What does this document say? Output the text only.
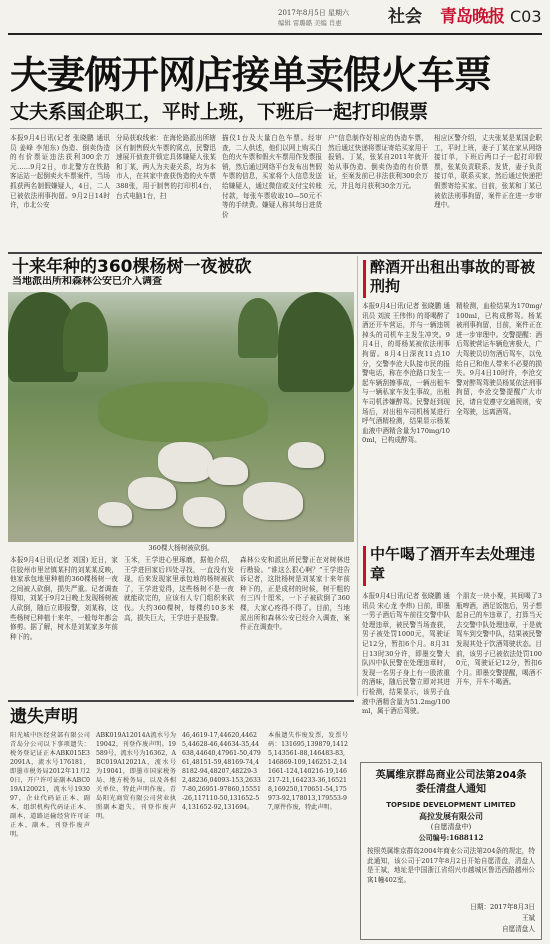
2017年8月5日 星期六
编辑 雷璐璐 美编 肖惠	社会 青岛晚报 C03
夫妻俩开网店接单卖假火车票
丈夫系国企职工，平时上班，下班后一起打印假票
本报9月4日讯(记者 张晓鹏 通讯员 姜峰 李旭东) 伪造、倒卖伪造的有价票证违法获利300余万元……9月2日，市北警方在铁路客运站一起倒卖火车票案件，当场抓获两名制假嫌疑人，4日，二人已被依法刑事拘留。9月2日14时许，市北公安
分局获取线索：在海伦路派出所辖区有制售假火车票的窝点，民警迅速展开侦查并锁定具体嫌疑人张某和丁某，两人为夫妻关系，均为本市人，在其家中查获伪造的火车票388张，用于制售的打印机4台，台式电脑1台，扫
描仪1台及大量白色车票。经审查，二人供述，他们以网上购买白色的火车票和假火车票用作发票报销，然后通过网络平台发布出售假车票的信息，买家将个人信息发送给嫌疑人，通过微信或支付宝转账付款，每张车票收取10—50元不等的手续费。嫌疑人称其每日进货价
户"信息制作好相应的伪造车票，然后通过快递将票证寄给买家用于报销。丁某，张某自2011年就开始从事伪造、倒卖伪造的有价票证，至案发前已非法获利300余万元，并且每月获利30余万元。
相应区警介绍，丈夫张某是某国企职工，平时上班，妻子丁某在家从网络接订单，下班后两口子一起打印假票，张某负责联系、发货，妻子负责接订单，联系买家，然后通过快递把假票寄给买家。目前，张某和丁某已被依法刑事拘留，案件正在进一步审理中。
十来年种的360棵杨树一夜被砍
当地派出所和森林公安已介入调查
360棵大杨树被砍倒。
本报9月4日讯(记者 刘国) 近日，家住胶州市里岔镇某村的刘某某反映，他家承包地里种植的360棵杨树一夜之间被人砍倒，损失严重。记者调查得知，刘某于9月2日晚上发现杨树被人砍倒，随后立即报警，刘某称，这些杨树已种植十来年，一般每年都会修剪。据了解，树木是刘某家多年前种下的。
玉米，王学进心里琢磨，据他介绍，王学进回家后四处寻找，一直没有发现，后来发现家里承包地的杨树被砍了，王学进觉得，这些杨树不是一夜就能砍完的，应该有人专门组织来砍伐。大约360棵树，每棵约10多米高，损失巨大，王学进于是报警。
森林公安和派出所民警正在对树林进行勘验。“谁这么狠心啊？”王学进告诉记者，这批杨树是刘某家十来年前种下的，正是成材的时候，树干粗的有三四十厘米，一下子被砍倒了360棵，大家心疼得不得了。目前，当地派出所和森林公安已经介入调查，案件正在调查中。
醉酒开出租出事故的哥被刑拘
本报9月4日讯(记者 张晓鹏 通讯员 刘波 王伟伟) 的哥喝醉了酒还开车营运，并与一辆违规掉头的司机车主发生冲突。9月4日，的哥杨某被依法刑事拘留。8月4日深夜11点10分，交警李沧大队接市民的报警电话，称在李沧路口发生一起车辆刮擦事故，一辆出租车与一辆私家车发生事故，出租车司机涉嫌醉驾。民警赶到现场后，对出租车司机杨某进行呼气酒精检测，结果显示杨某血液中酒精含量为170mg/100ml，已构成醉驾。
精检测，血检结果为170mg/100ml，已构成醉驾。杨某被刑事拘留，目前，案件正在进一步审理中。交警提醒：酒后驾驶营运车辆危害极大，广大驾驶员切勿酒后驾车，以免给自己和他人带来不必要的损失。9月4日10时许，李沧交警对醉驾驾驶员杨某依法刑事拘留，李沧交警提醒广大市民，请自觉遵守交通规则，安全驾驶，远离酒驾。
中午喝了酒开车去处理违章
本报9月4日讯(记者 张晓鹏 通讯员 宋心龙 李炜) 日前，即墨一男子酒后驾车前往交警中队处理违章，被民警当场查获，男子被处罚1000元，驾驶证记12分，暂扣6个月。8月31日13时30分许，即墨交警大队四中队民警在处理违章时，发现一名男子身上有一股浓重的酒味，随后民警立即对其进行检测，结果显示，该男子血液中酒精含量为51.2mg/100ml，属于酒后驾驶。
个朋友一块小聚，其间喝了3瓶啤酒，酒足饭饱后，男子想起自己的车违章了，打算当天去交警中队处理违章，于是就驾车到交警中队，结果被民警发现其处于饮酒驾驶状态。目前，该男子已被依法处罚1000元，驾驶证记12分，暂扣6个月。即墨交警提醒，喝酒不开车，开车不喝酒。
遗失声明
阳光城中医经营部有限公司青岛分公司以下事项遗失：税务登记证正本ABK015E32091A，流水号176181，即墨市税务局2012年11月20日，开户许可证副本ABC019A120021，流水号193097，企业代码证正本、副本，组织机构代码证正本、副本，道路运输经营许可证正本、副本，刊登作废声明。
ABK019A12014A流水号为19042，刊登作废声明。19589号，流水号为16362，ABC019A12021A，流水号为19041，即墨市国家税务局、地方税务局，以及各相关单位，特此声明作废。青岛阳光商贸有限公司营业执照副本遗失，刊登作废声明。
46,4619-17,44620,44625,44628-46,44634-35,44638,44640,47961-50,47961,48151-59,48169-74,48182-94,48207,48229-32,48236,04093-153,26337-80,26951-97860,15551-26,117110-50,131652-54,131652-92,131694。
本报遗失作废发票，发票号码：131695,139879,14125,143561-88,146483-83,146869-109,146251-2,141661-124,140216-19,146217-21,164233-36,165218,169250,170651-54,175973-92,178013,179553-97,原件作废，特此声明。
英属维京群岛商业公司法第204条
委任清盘人通知
TOPSIDE DEVELOPMENT LIMITED
高拉发展有限公司
(自愿清盘中)
公司编号:1688112
按照英属维京群岛2004年商业公司法第204条的规定，特此通知，该公司于2017年8月2日开始自愿清盘，清盘人是王斌，地址是中国浙江省绍兴市越城区鲁迅西路越州公寓1幢402室。
日期：2017年8月3日
王斌
自愿清盘人
